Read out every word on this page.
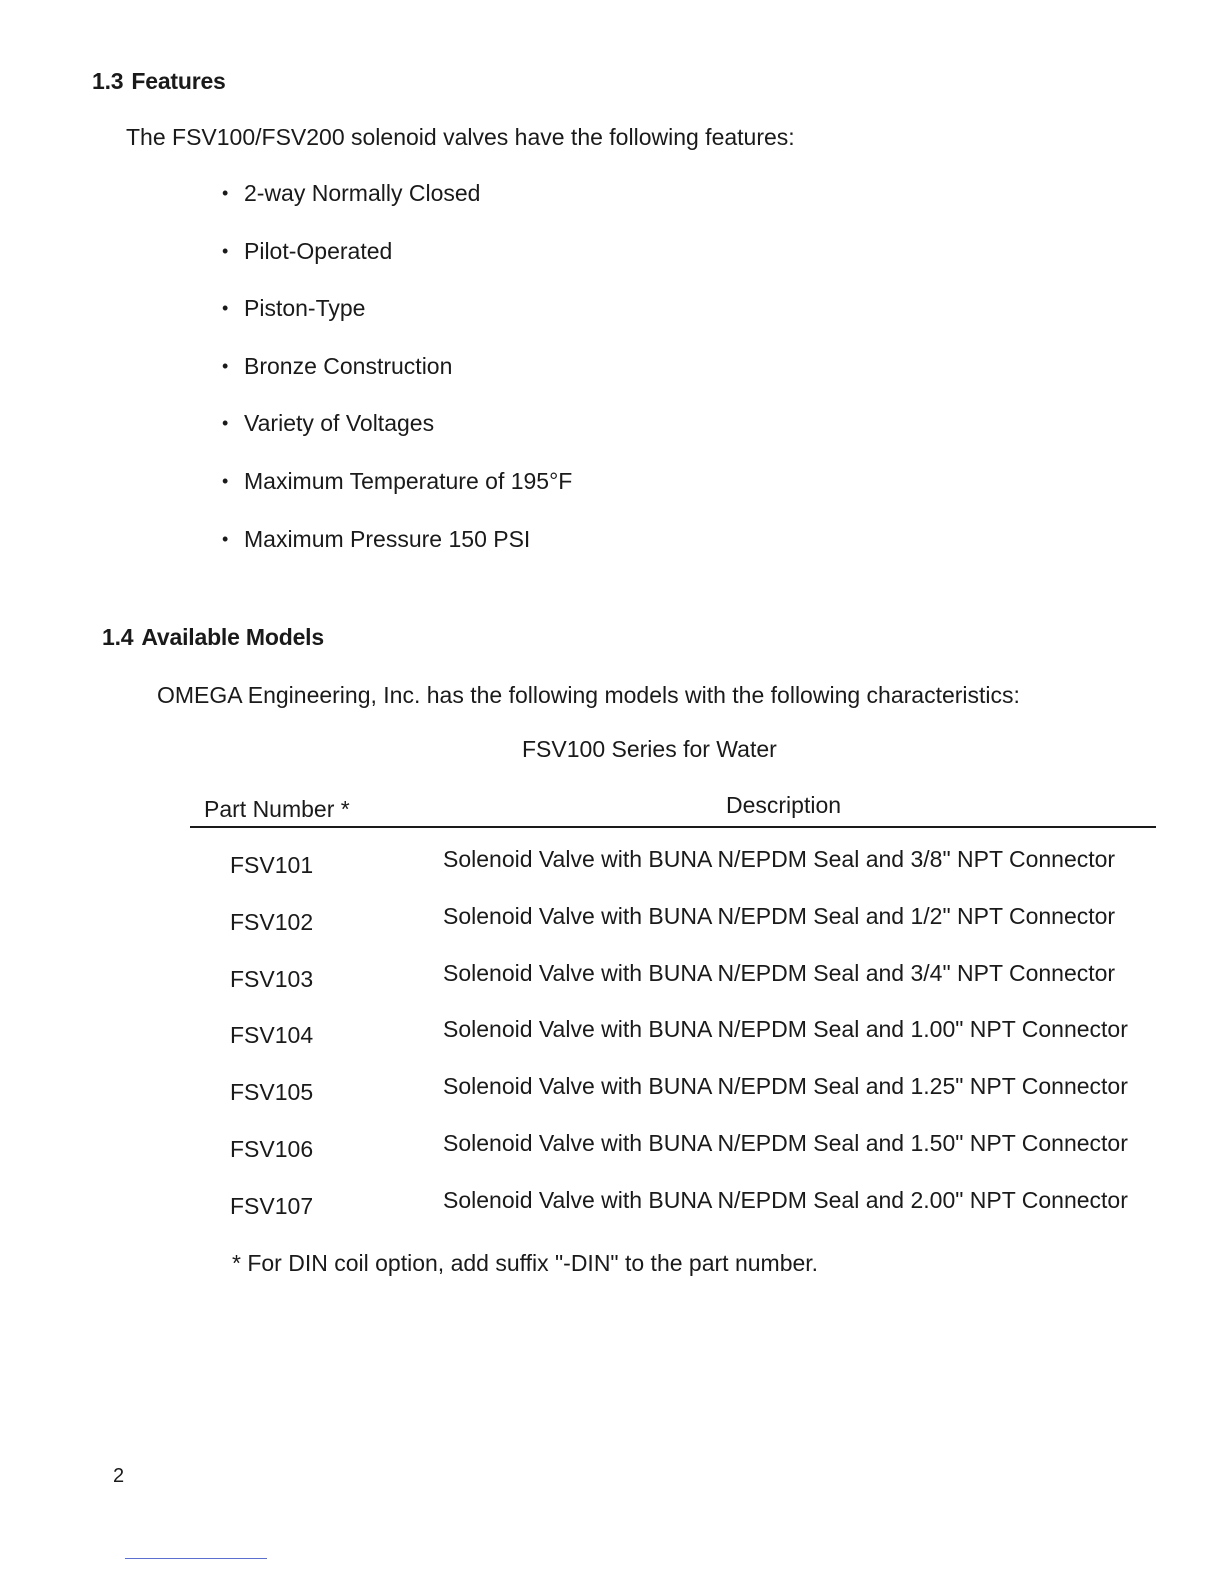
1.3 Features
The FSV100/FSV200 solenoid valves have the following features:
• 2-way Normally Closed
• Pilot-Operated
• Piston-Type
• Bronze Construction
• Variety of Voltages
• Maximum Temperature of 195°F
• Maximum Pressure 150 PSI
1.4 Available Models
OMEGA Engineering, Inc. has the following models with the following characteristics:
FSV100 Series for Water
Part Number *	Description
FSV101	Solenoid Valve with BUNA N/EPDM Seal and 3/8" NPT Connector
FSV102	Solenoid Valve with BUNA N/EPDM Seal and 1/2" NPT Connector
FSV103	Solenoid Valve with BUNA N/EPDM Seal and 3/4" NPT Connector
FSV104	Solenoid Valve with BUNA N/EPDM Seal and 1.00" NPT Connector
FSV105	Solenoid Valve with BUNA N/EPDM Seal and 1.25" NPT Connector
FSV106	Solenoid Valve with BUNA N/EPDM Seal and 1.50" NPT Connector
FSV107	Solenoid Valve with BUNA N/EPDM Seal and 2.00" NPT Connector
* For DIN coil option, add suffix "-DIN" to the part number.
2
